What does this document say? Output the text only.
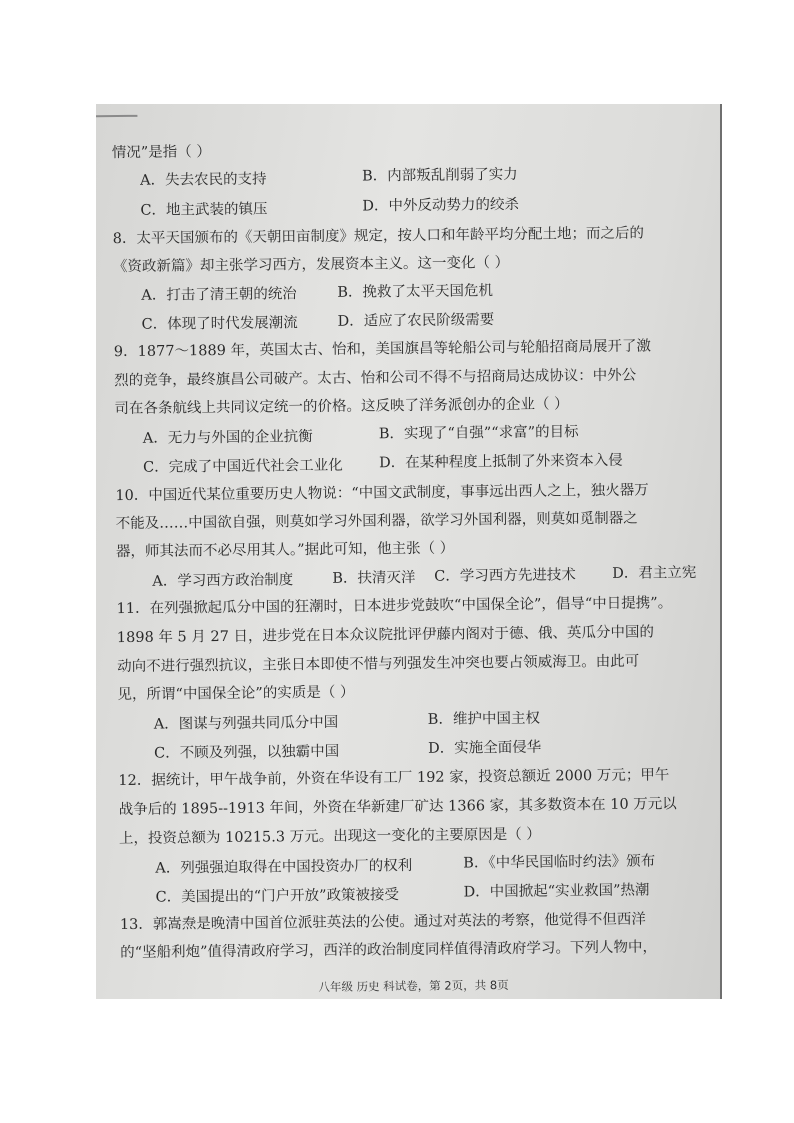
情况”是指（ ）
A．失去农民的支持	B．内部叛乱削弱了实力
C．地主武装的镇压	D．中外反动势力的绞杀
8．太平天国颁布的《天朝田亩制度》规定，按人口和年龄平均分配土地；而之后的
《资政新篇》却主张学习西方，发展资本主义。这一变化（ ）
A．打击了清王朝的统治	B．挽救了太平天国危机
C．体现了时代发展潮流	D．适应了农民阶级需要
9．1877～1889 年，英国太古、怡和，美国旗昌等轮船公司与轮船招商局展开了激
烈的竞争，最终旗昌公司破产。太古、怡和公司不得不与招商局达成协议：中外公
司在各条航线上共同议定统一的价格。这反映了洋务派创办的企业（ ）
A．无力与外国的企业抗衡	B．实现了“自强”“求富”的目标
C．完成了中国近代社会工业化 D．在某种程度上抵制了外来资本入侵
10．中国近代某位重要历史人物说：“中国文武制度，事事远出西人之上，独火器万
不能及……中国欲自强，则莫如学习外国利器，欲学习外国利器，则莫如觅制器之
器，师其法而不必尽用其人。”据此可知，他主张（ ）
A．学习西方政治制度	B．扶清灭洋 C．学习西方先进技术 D．君主立宪
11．在列强掀起瓜分中国的狂潮时，日本进步党鼓吹“中国保全论”，倡导“中日提携”。
1898 年 5 月 27 日，进步党在日本众议院批评伊藤内阁对于德、俄、英瓜分中国的
动向不进行强烈抗议，主张日本即使不惜与列强发生冲突也要占领威海卫。由此可
见，所谓“中国保全论”的实质是（ ）
A．图谋与列强共同瓜分中国	B．维护中国主权
C．不顾及列强，以独霸中国	D．实施全面侵华
12．据统计，甲午战争前，外资在华设有工厂 192 家，投资总额近 2000 万元；甲午
战争后的 1895--1913 年间，外资在华新建厂矿达 1366 家，其多数资本在 10 万元以
上，投资总额为 10215.3 万元。出现这一变化的主要原因是（ ）
A．列强强迫取得在中国投资办厂的权利	B．《中华民国临时约法》颁布
C．美国提出的“门户开放”政策被接受	D．中国掀起“实业救国”热潮
13．郭嵩焘是晚清中国首位派驻英法的公使。通过对英法的考察，他觉得不但西洋
的“坚船利炮”值得清政府学习，西洋的政治制度同样值得清政府学习。下列人物中，
八年级 历史 科试卷，第 2页，共 8页
